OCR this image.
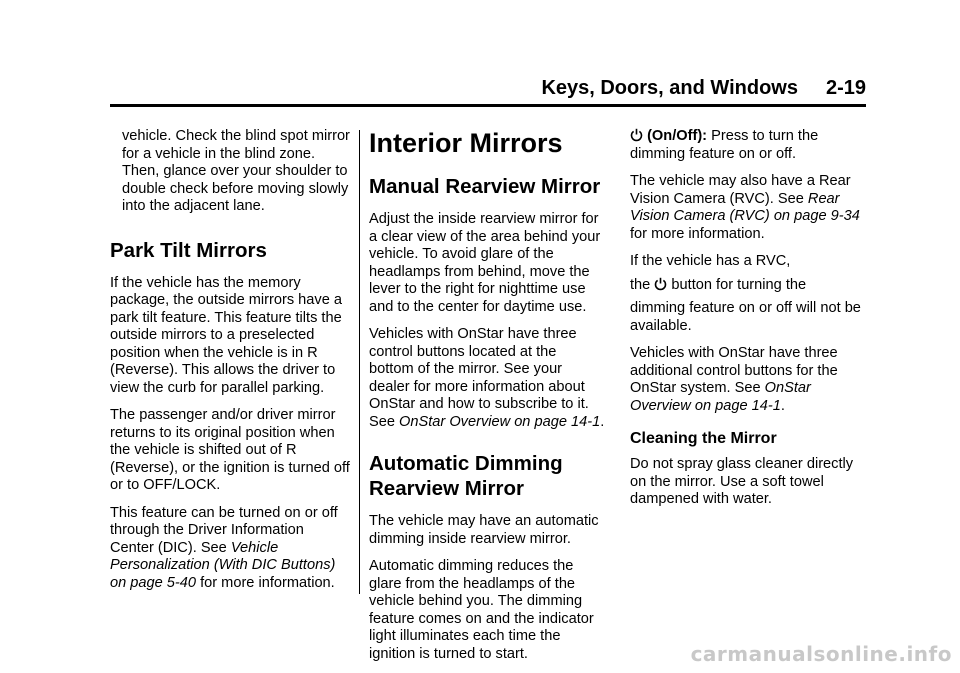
Keys, Doors, and Windows 2-19

vehicle. Check the blind spot mirror for a vehicle in the blind zone. Then, glance over your shoulder to double check before moving slowly into the adjacent lane.

Park Tilt Mirrors

If the vehicle has the memory package, the outside mirrors have a park tilt feature. This feature tilts the outside mirrors to a preselected position when the vehicle is in R (Reverse). This allows the driver to view the curb for parallel parking.

The passenger and/or driver mirror returns to its original position when the vehicle is shifted out of R (Reverse), or the ignition is turned off or to OFF/LOCK.

This feature can be turned on or off through the Driver Information Center (DIC). See Vehicle Personalization (With DIC Buttons) on page 5-40 for more information.

Interior Mirrors
Manual Rearview Mirror

Adjust the inside rearview mirror for a clear view of the area behind your vehicle. To avoid glare of the headlamps from behind, move the lever to the right for nighttime use and to the center for daytime use.

Vehicles with OnStar have three control buttons located at the bottom of the mirror. See your dealer for more information about OnStar and how to subscribe to it. See OnStar Overview on page 14-1.

Automatic Dimming Rearview Mirror

The vehicle may have an automatic dimming inside rearview mirror.

Automatic dimming reduces the glare from the headlamps of the vehicle behind you. The dimming feature comes on and the indicator light illuminates each time the ignition is turned to start.

(On/Off): Press to turn the dimming feature on or off.

The vehicle may also have a Rear Vision Camera (RVC). See Rear Vision Camera (RVC) on page 9-34 for more information.

If the vehicle has a RVC,

the button for turning the

dimming feature on or off will not be available.

Vehicles with OnStar have three additional control buttons for the OnStar system. See OnStar Overview on page 14-1.

Cleaning the Mirror

Do not spray glass cleaner directly on the mirror. Use a soft towel dampened with water.

carmanualsonline.info
